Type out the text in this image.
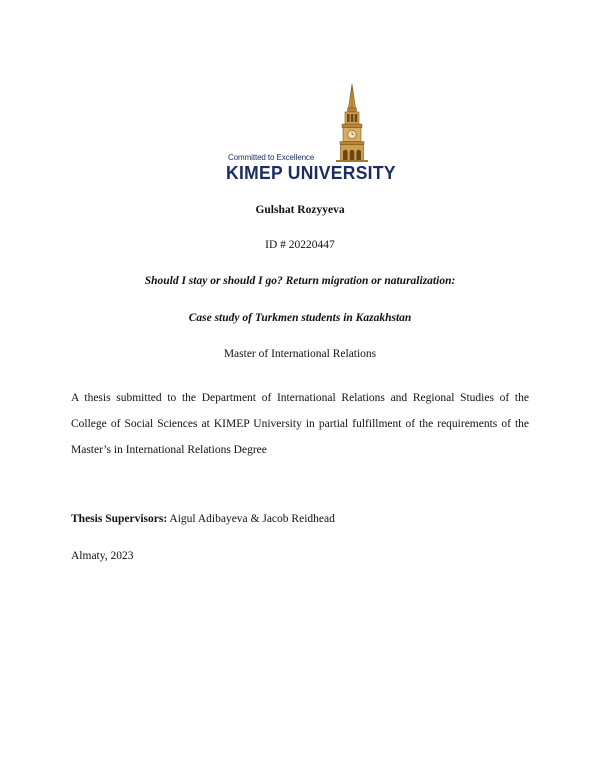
Committed to Excellence
KIMEP UNIVERSITY
Gulshat Rozyyeva
ID # 20220447
Should I stay or should I go? Return migration or naturalization:
Case study of Turkmen students in Kazakhstan
Master of International Relations
A thesis submitted to the Department of International Relations and Regional Studies of the College of Social Sciences at KIMEP University in partial fulfillment of the requirements of the Master’s in International Relations Degree
Thesis Supervisors: Aigul Adibayeva & Jacob Reidhead
Almaty, 2023
